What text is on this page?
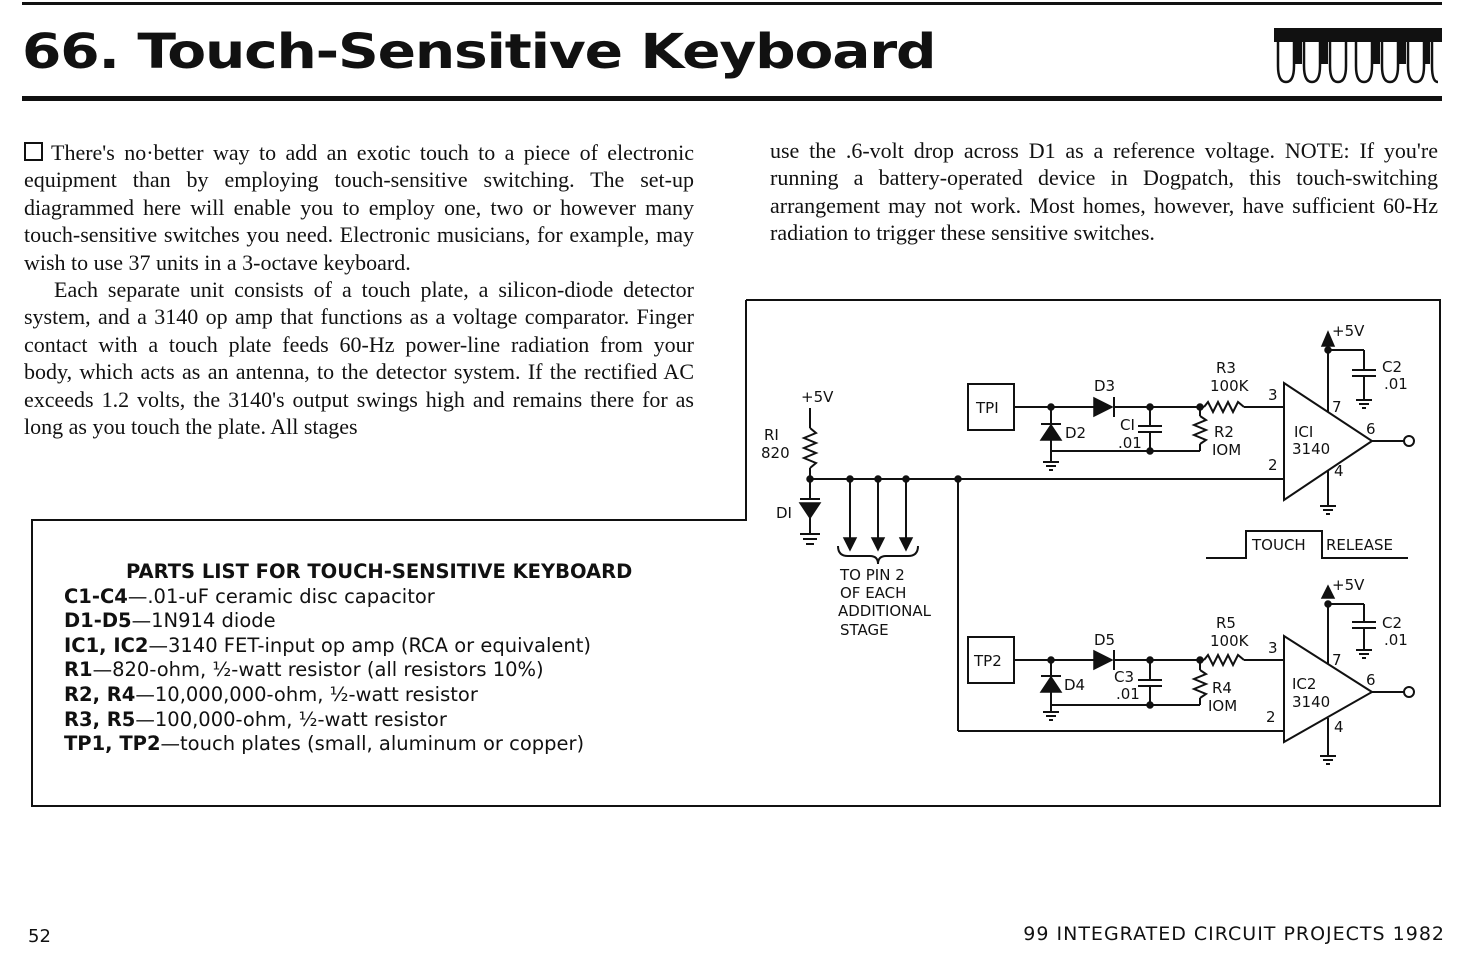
66. Touch-Sensitive Keyboard

There's no·better way to add an exotic touch to a piece of electronic equipment than by employing touch-sensitive switching. The set-up diagrammed here will enable you to employ one, two or however many touch-sensitive switches you need. Electronic musicians, for example, may wish to use 37 units in a 3-octave keyboard.

Each separate unit consists of a touch plate, a silicon-diode detector system, and a 3140 op amp that functions as a voltage comparator. Finger contact with a touch plate feeds 60-Hz power-line radiation from your body, which acts as an antenna, to the detector system. If the rectified AC exceeds 1.2 volts, the 3140's output swings high and remains there for as long as you touch the plate. All stages

use the .6-volt drop across D1 as a reference voltage. NOTE: If you're running a battery-operated device in Dogpatch, this touch-switching arrangement may not work. Most homes, however, have sufficient 60-Hz radiation to trigger these sensitive switches.

+5V
RI
820
DI
TO PIN 2
OF EACH
ADDITIONAL
STAGE
TOUCH RELEASE
TPI
D3
D2 CI
.01
R3
100K
R2
IOM
ICI
3140
3
2
6
7
4
+5V
C2
.01
TP2
D5
D4 C3
.01
R5
100K
R4
IOM
IC2
3140
3
2
6
7
4
+5V
C2
.01
PARTS LIST FOR TOUCH-SENSITIVE KEYBOARD
C1-C4—.01-uF ceramic disc capacitor
D1-D5—1N914 diode
IC1, IC2—3140 FET-input op amp (RCA or equivalent)
R1—820-ohm, ½-watt resistor (all resistors 10%)
R2, R4—10,000,000-ohm, ½-watt resistor
R3, R5—100,000-ohm, ½-watt resistor
TP1, TP2—touch plates (small, aluminum or copper)
52	99 INTEGRATED CIRCUIT PROJECTS 1982
